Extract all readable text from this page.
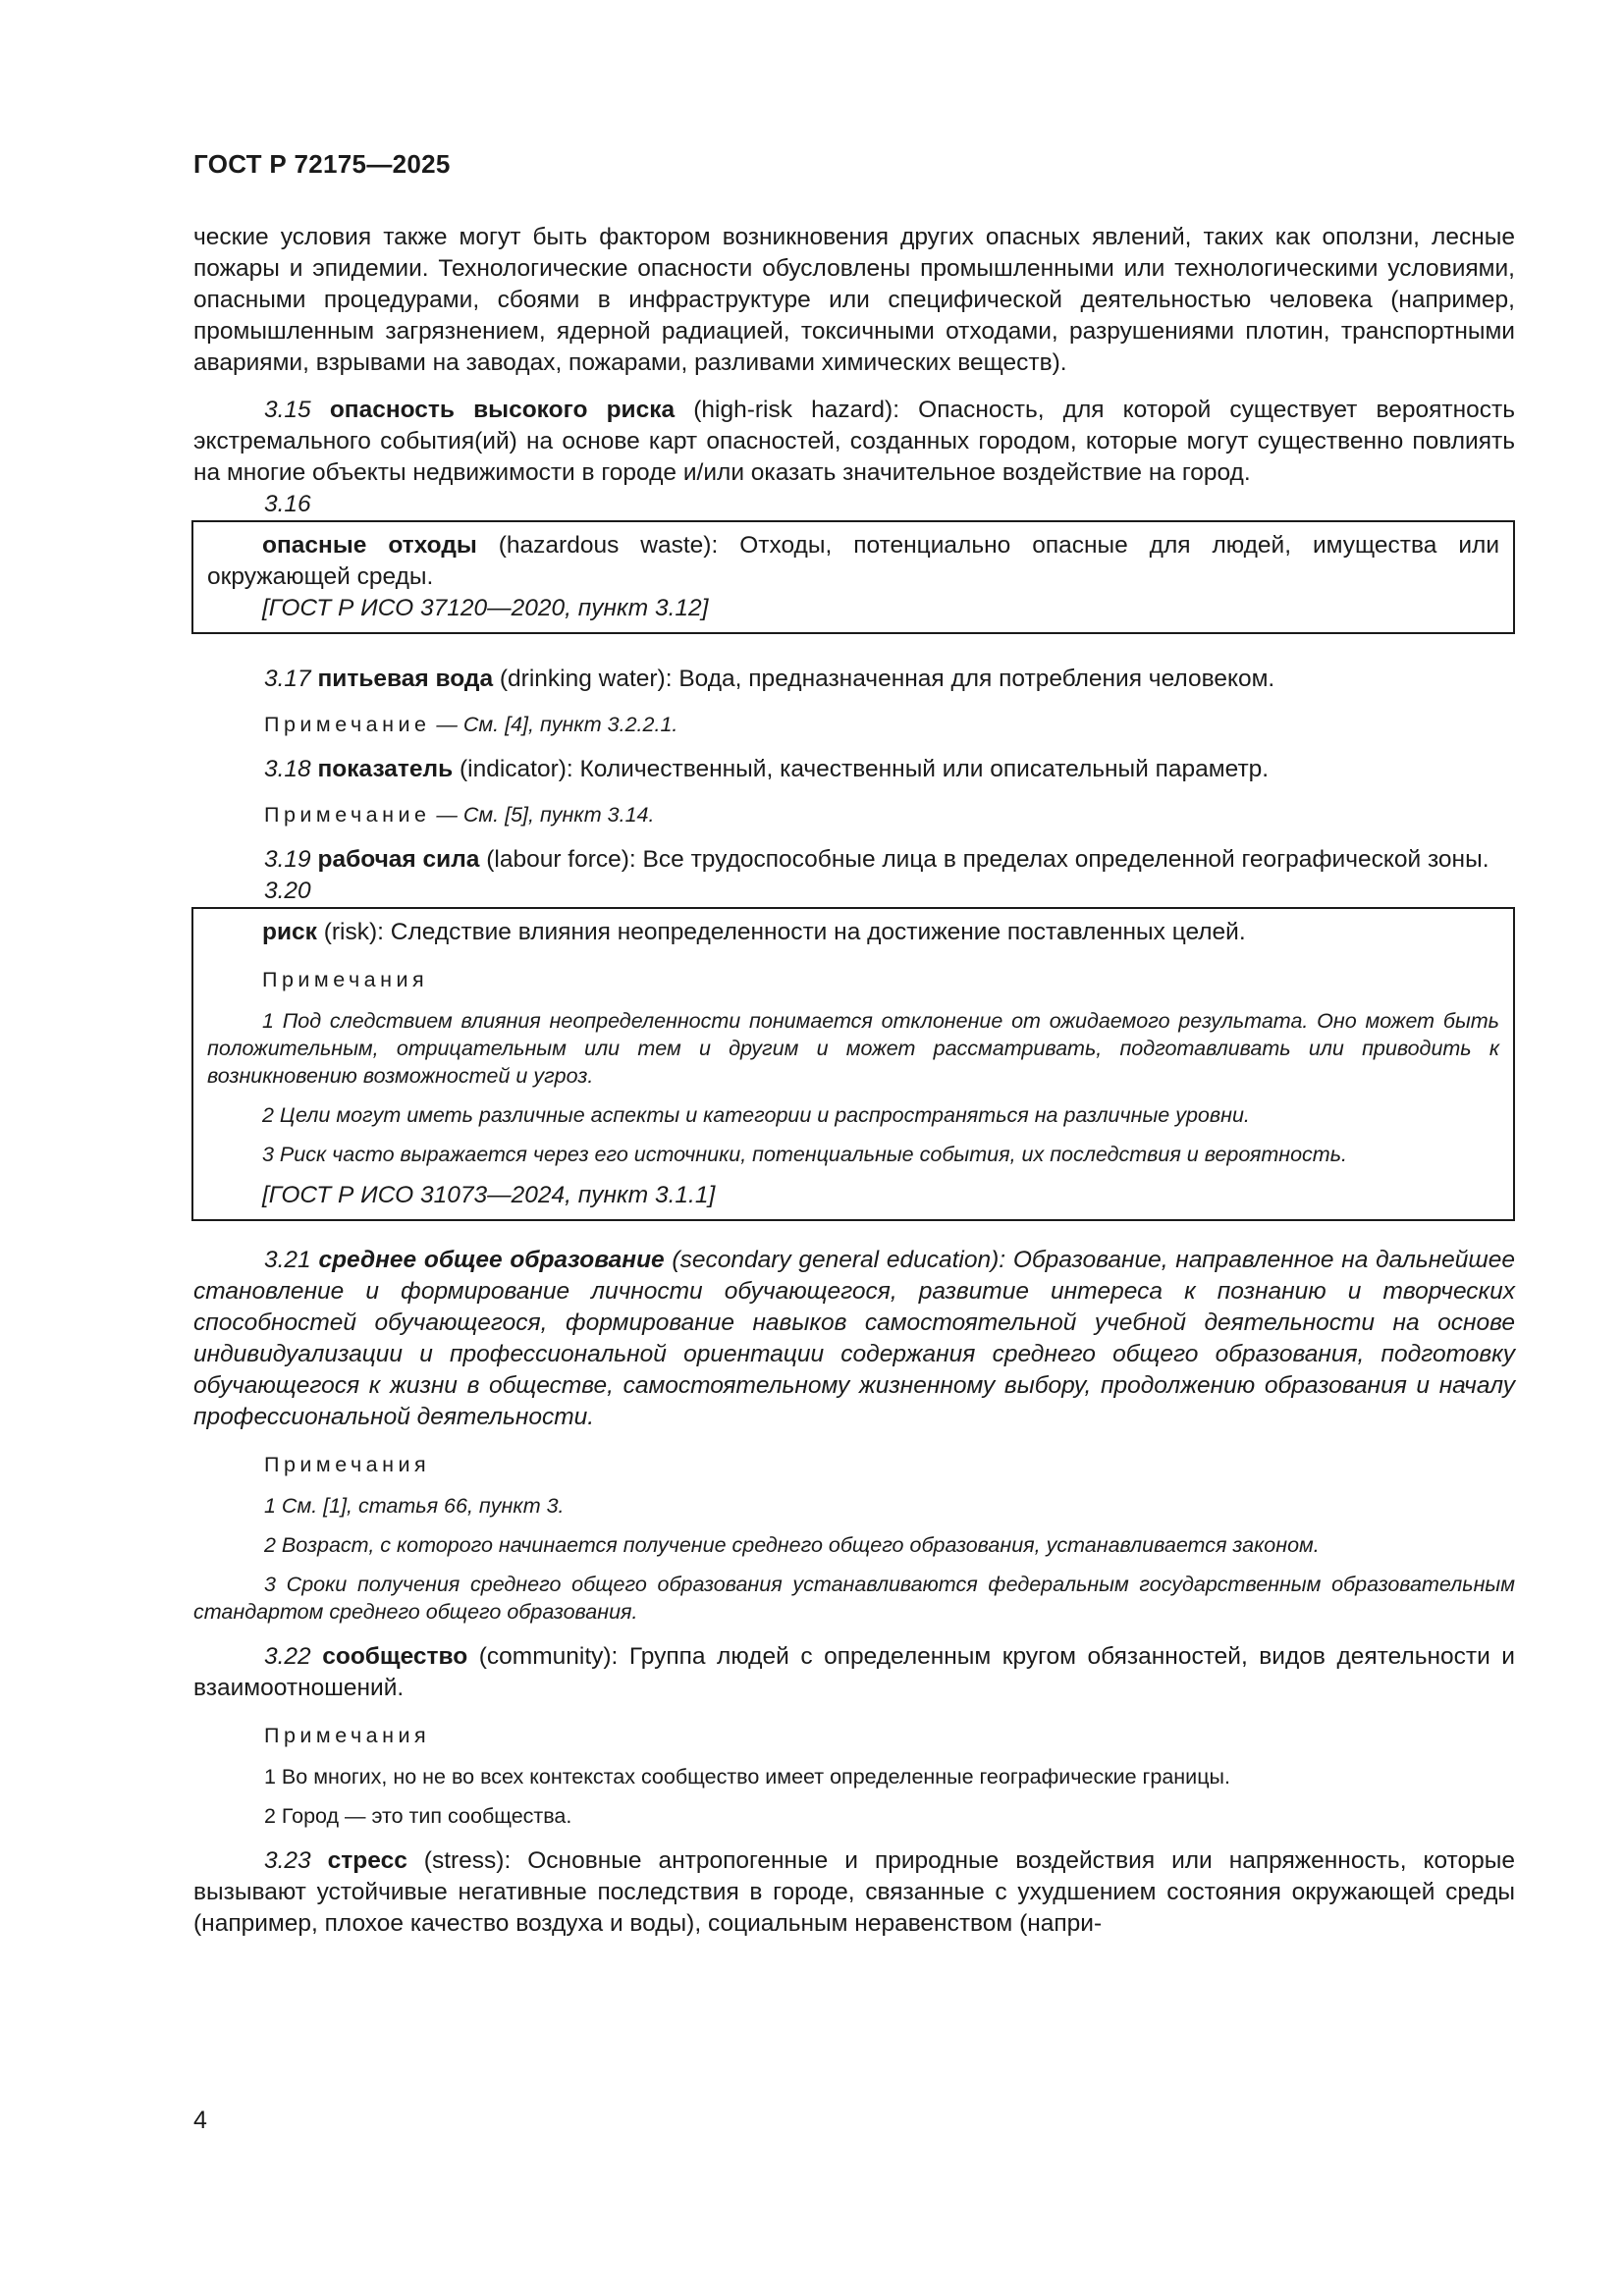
ГОСТ Р 72175—2025

ческие условия также могут быть фактором возникновения других опасных явлений, таких как оползни, лесные пожары и эпидемии. Технологические опасности обусловлены промышленными или технологическими условиями, опасными процедурами, сбоями в инфраструктуре или специфической деятельностью человека (например, промышленным загрязнением, ядерной радиацией, токсичными отходами, разрушениями плотин, транспортными авариями, взрывами на заводах, пожарами, разливами химических веществ).

3.15 опасность высокого риска (high-risk hazard): Опасность, для которой существует вероятность экстремального события(ий) на основе карт опасностей, созданных городом, которые могут существенно повлиять на многие объекты недвижимости в городе и/или оказать значительное воздействие на город.

3.16

опасные отходы (hazardous waste): Отходы, потенциально опасные для людей, имущества или окружающей среды.

[ГОСТ Р ИСО 37120—2020, пункт 3.12]

3.17 питьевая вода (drinking water): Вода, предназначенная для потребления человеком.

Примечание — См. [4], пункт 3.2.2.1.

3.18 показатель (indicator): Количественный, качественный или описательный параметр.

Примечание — См. [5], пункт 3.14.

3.19 рабочая сила (labour force): Все трудоспособные лица в пределах определенной географической зоны.

3.20

риск (risk): Следствие влияния неопределенности на достижение поставленных целей.

Примечания

1 Под следствием влияния неопределенности понимается отклонение от ожидаемого результата. Оно может быть положительным, отрицательным или тем и другим и может рассматривать, подготавливать или приводить к возникновению возможностей и угроз.

2 Цели могут иметь различные аспекты и категории и распространяться на различные уровни.

3 Риск часто выражается через его источники, потенциальные события, их последствия и вероятность.

[ГОСТ Р ИСО 31073—2024, пункт 3.1.1]

3.21 среднее общее образование (secondary general education): Образование, направленное на дальнейшее становление и формирование личности обучающегося, развитие интереса к познанию и творческих способностей обучающегося, формирование навыков самостоятельной учебной деятельности на основе индивидуализации и профессиональной ориентации содержания среднего общего образования, подготовку обучающегося к жизни в обществе, самостоятельному жизненному выбору, продолжению образования и началу профессиональной деятельности.

Примечания

1 См. [1], статья 66, пункт 3.

2 Возраст, с которого начинается получение среднего общего образования, устанавливается законом.

3 Сроки получения среднего общего образования устанавливаются федеральным государственным образовательным стандартом среднего общего образования.

3.22 сообщество (community): Группа людей с определенным кругом обязанностей, видов деятельности и взаимоотношений.

Примечания

1 Во многих, но не во всех контекстах сообщество имеет определенные географические границы.

2 Город — это тип сообщества.

3.23 стресс (stress): Основные антропогенные и природные воздействия или напряженность, которые вызывают устойчивые негативные последствия в городе, связанные с ухудшением состояния окружающей среды (например, плохое качество воздуха и воды), социальным неравенством (напри-

4
